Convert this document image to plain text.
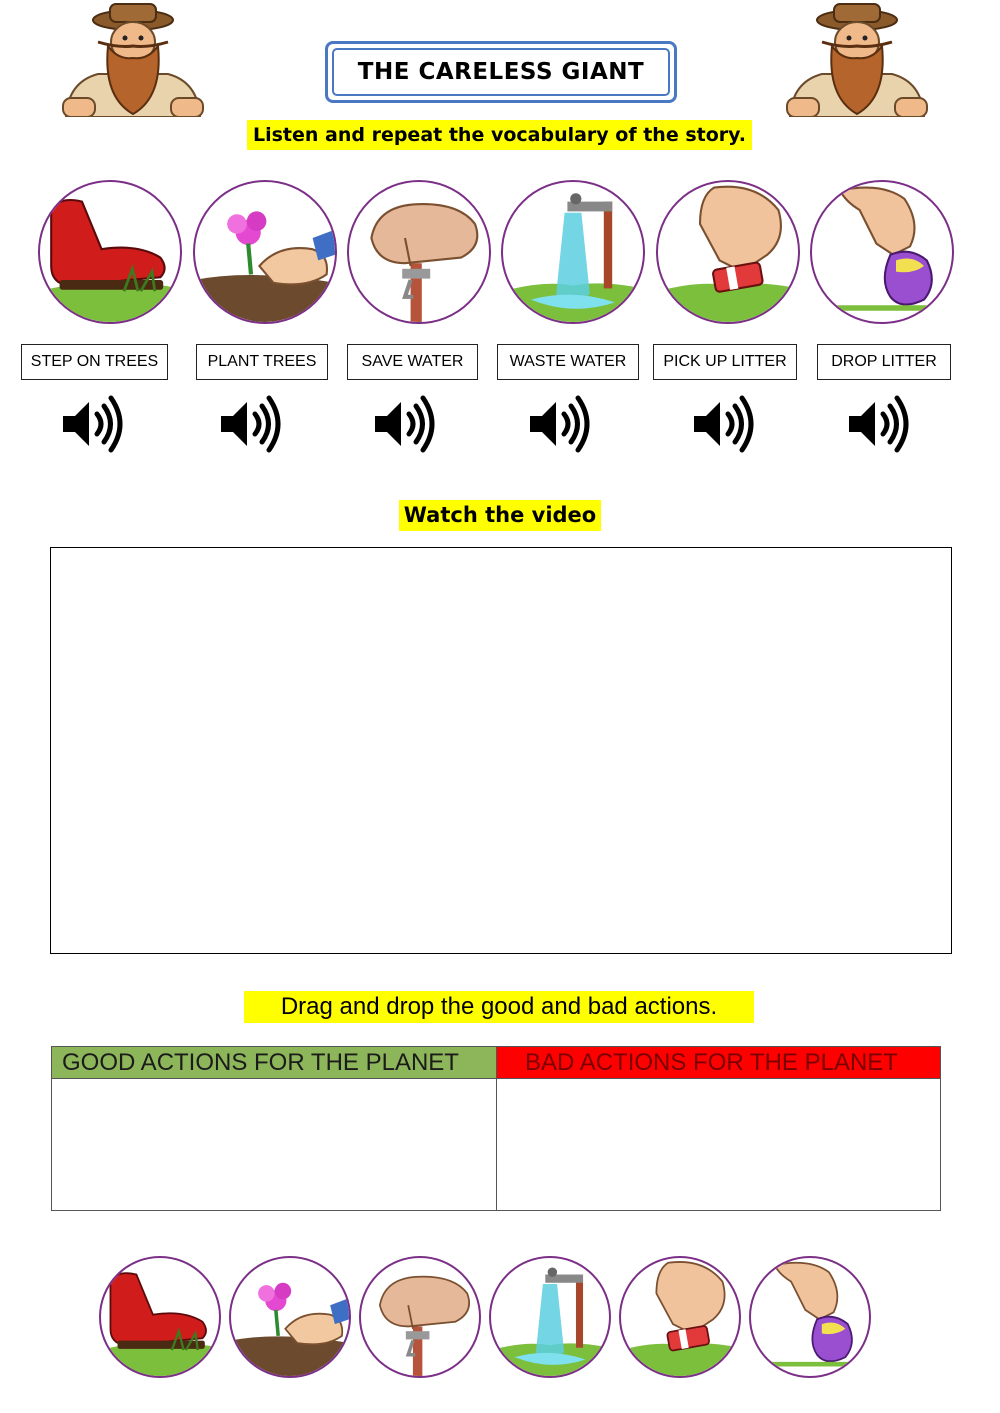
THE CARELESS GIANT
Listen and repeat the vocabulary of the story.
STEP ON TREES	PLANT TREES	SAVE WATER	WASTE WATER	PICK UP LITTER	DROP LITTER
Watch the video
Drag and drop the good and bad actions.
GOOD ACTIONS FOR THE PLANET	BAD ACTIONS FOR THE PLANET
